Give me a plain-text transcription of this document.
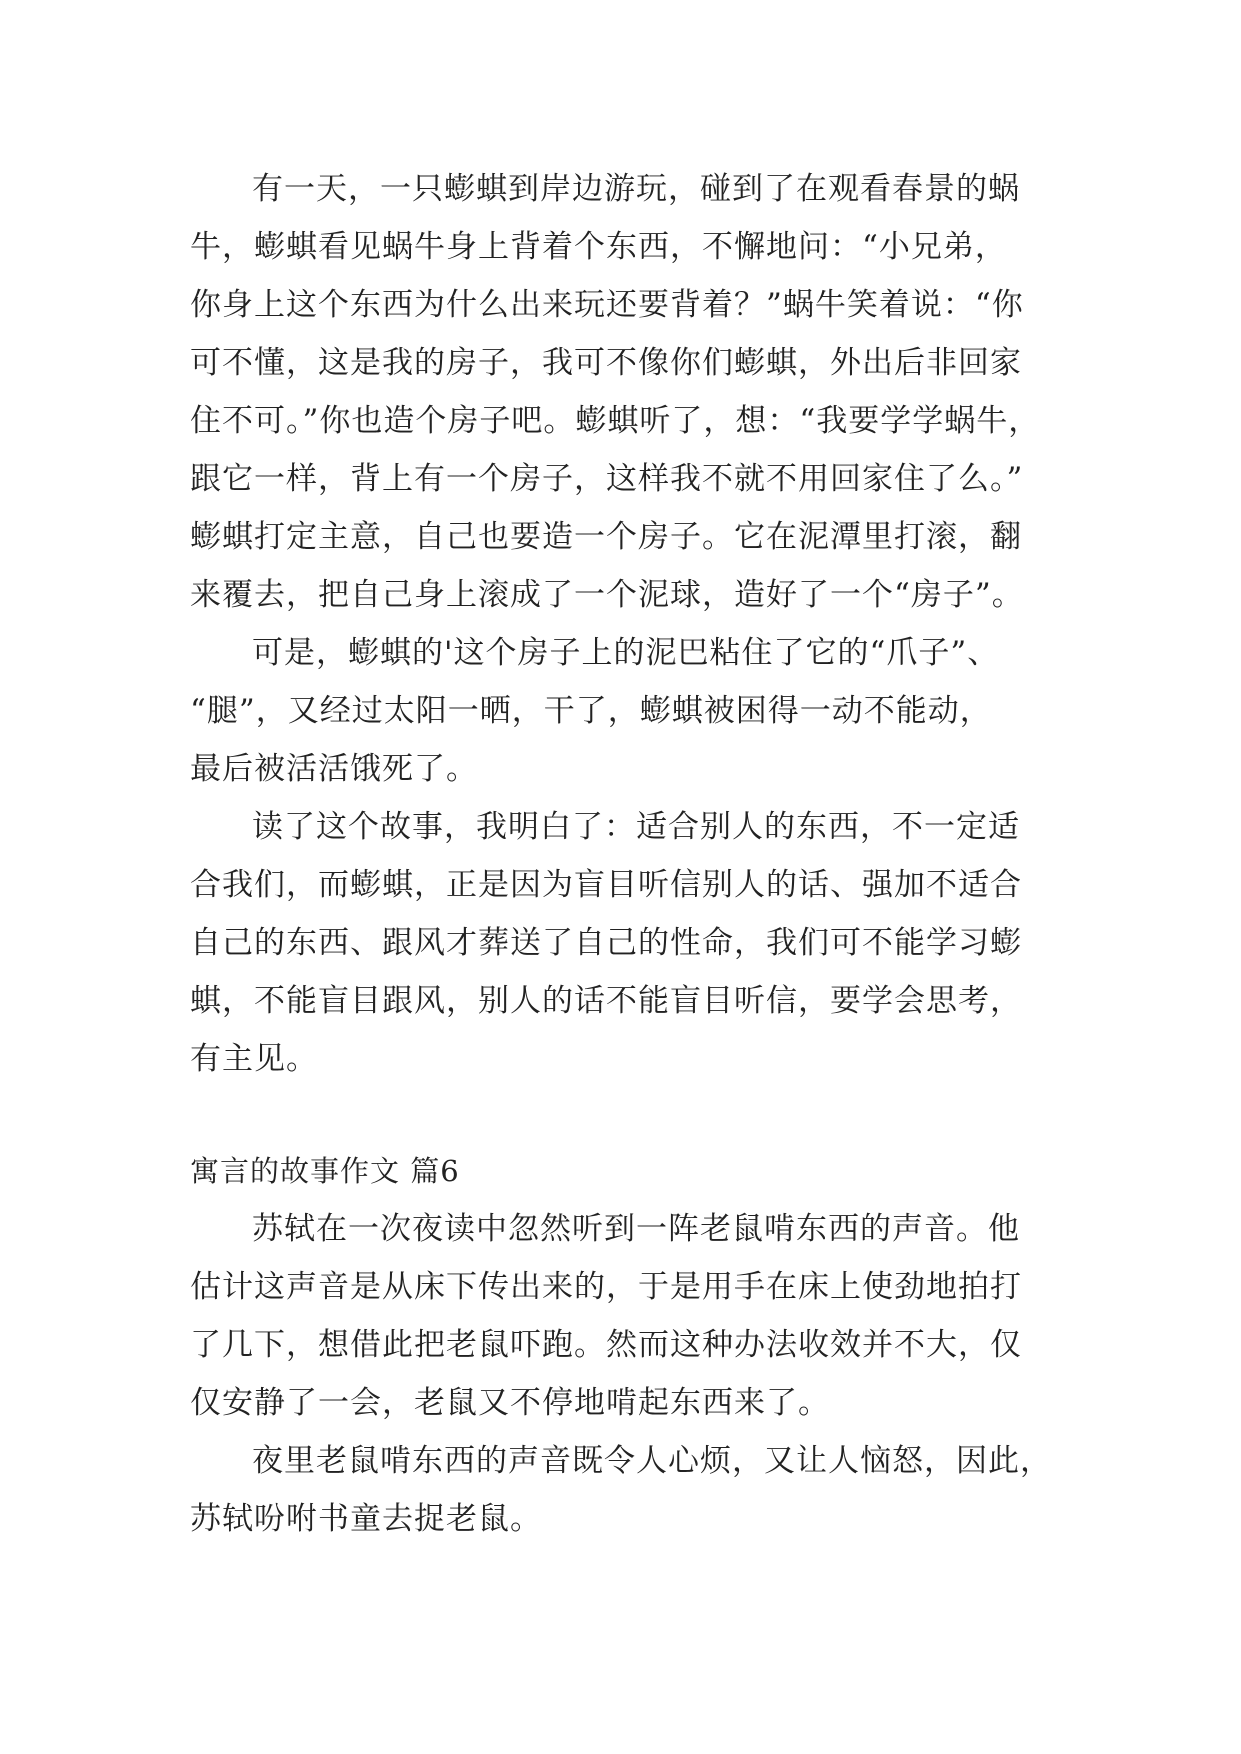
有一天，一只蟛蜞到岸边游玩，碰到了在观看春景的蜗
牛，蟛蜞看见蜗牛身上背着个东西，不懈地问：“小兄弟，
你身上这个东西为什么出来玩还要背着？”蜗牛笑着说：“你
可不懂，这是我的房子，我可不像你们蟛蜞，外出后非回家
住不可。”你也造个房子吧。蟛蜞听了，想：“我要学学蜗牛，
跟它一样，背上有一个房子，这样我不就不用回家住了么。”
蟛蜞打定主意，自己也要造一个房子。它在泥潭里打滚，翻
来覆去，把自己身上滚成了一个泥球，造好了一个“房子”。
可是，蟛蜞的'这个房子上的泥巴粘住了它的“爪子”、
“腿”，又经过太阳一晒，干了，蟛蜞被困得一动不能动，
最后被活活饿死了。
读了这个故事，我明白了：适合别人的东西，不一定适
合我们，而蟛蜞，正是因为盲目听信别人的话、强加不适合
自己的东西、跟风才葬送了自己的性命，我们可不能学习蟛
蜞，不能盲目跟风，别人的话不能盲目听信，要学会思考，
有主见。
寓言的故事作文 篇6
苏轼在一次夜读中忽然听到一阵老鼠啃东西的声音。他
估计这声音是从床下传出来的，于是用手在床上使劲地拍打
了几下，想借此把老鼠吓跑。然而这种办法收效并不大，仅
仅安静了一会，老鼠又不停地啃起东西来了。
夜里老鼠啃东西的声音既令人心烦，又让人恼怒，因此，
苏轼吩咐书童去捉老鼠。
